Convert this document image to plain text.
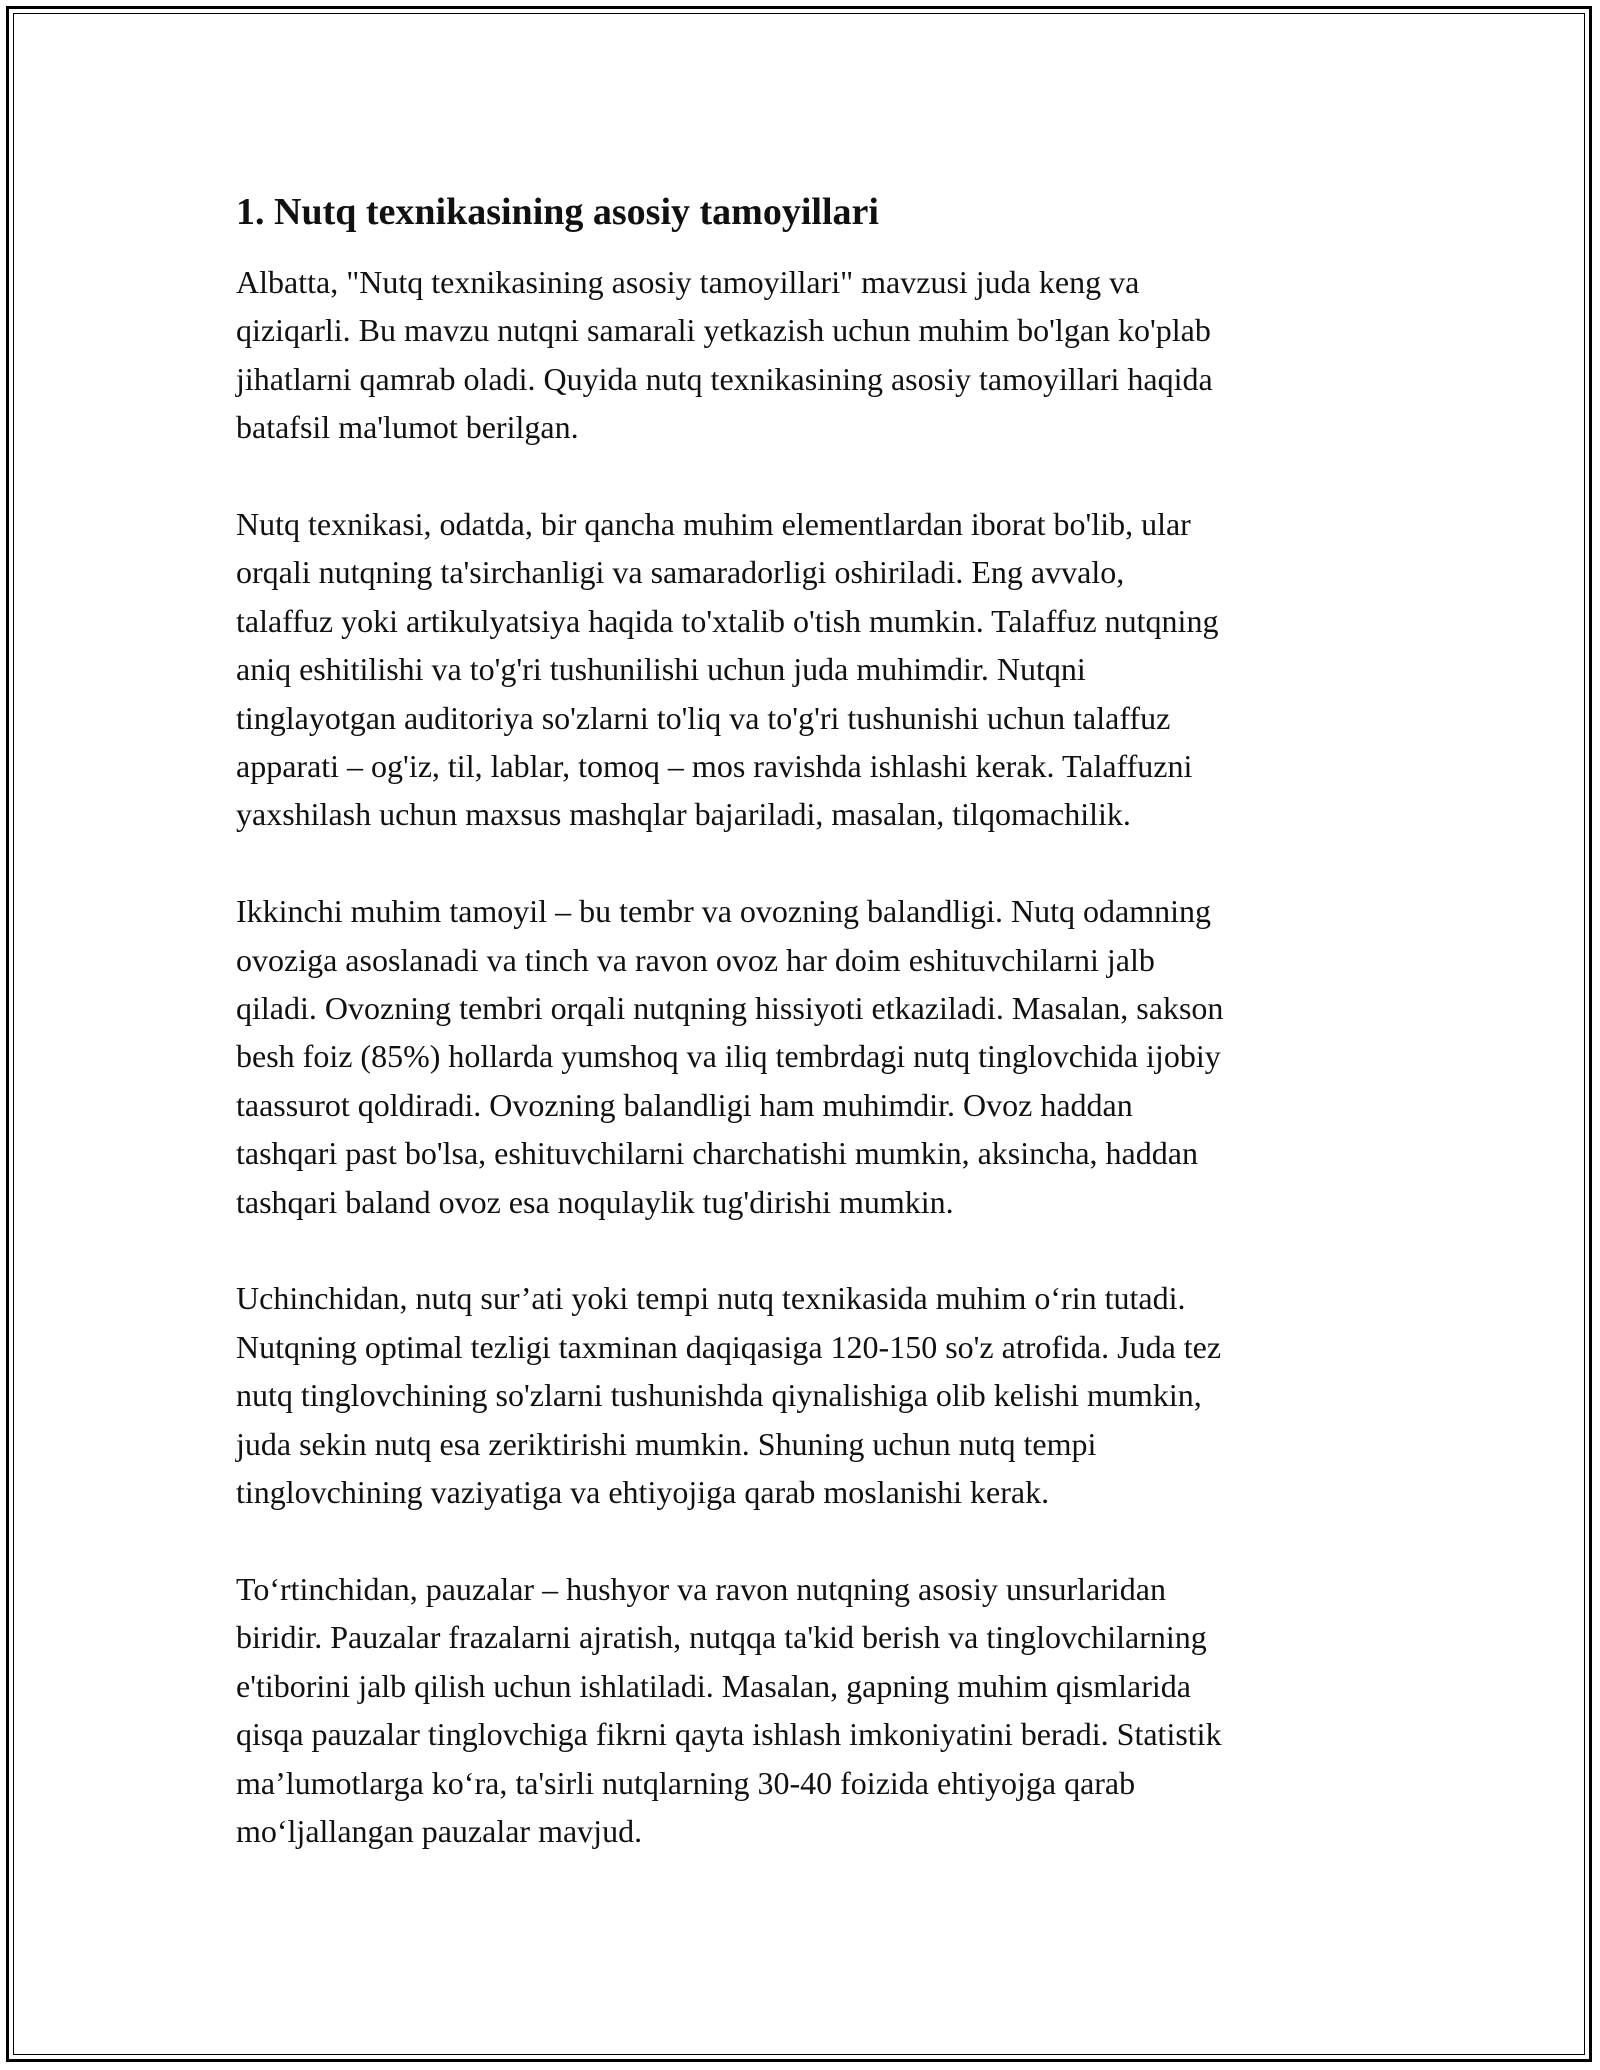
1. Nutq texnikasining asosiy tamoyillari

Albatta, "Nutq texnikasining asosiy tamoyillari" mavzusi juda keng va
qiziqarli. Bu mavzu nutqni samarali yetkazish uchun muhim bo'lgan ko'plab
jihatlarni qamrab oladi. Quyida nutq texnikasining asosiy tamoyillari haqida
batafsil ma'lumot berilgan.

Nutq texnikasi, odatda, bir qancha muhim elementlardan iborat bo'lib, ular
orqali nutqning ta'sirchanligi va samaradorligi oshiriladi. Eng avvalo,
talaffuz yoki artikulyatsiya haqida to'xtalib o'tish mumkin. Talaffuz nutqning
aniq eshitilishi va to'g'ri tushunilishi uchun juda muhimdir. Nutqni
tinglayotgan auditoriya so'zlarni to'liq va to'g'ri tushunishi uchun talaffuz
apparati – og'iz, til, lablar, tomoq – mos ravishda ishlashi kerak. Talaffuzni
yaxshilash uchun maxsus mashqlar bajariladi, masalan, tilqomachilik.

Ikkinchi muhim tamoyil – bu tembr va ovozning balandligi. Nutq odamning
ovoziga asoslanadi va tinch va ravon ovoz har doim eshituvchilarni jalb
qiladi. Ovozning tembri orqali nutqning hissiyoti etkaziladi. Masalan, sakson
besh foiz (85%) hollarda yumshoq va iliq tembrdagi nutq tinglovchida ijobiy
taassurot qoldiradi. Ovozning balandligi ham muhimdir. Ovoz haddan
tashqari past bo'lsa, eshituvchilarni charchatishi mumkin, aksincha, haddan
tashqari baland ovoz esa noqulaylik tug'dirishi mumkin.

Uchinchidan, nutq sur’ati yoki tempi nutq texnikasida muhim o‘rin tutadi.
Nutqning optimal tezligi taxminan daqiqasiga 120-150 so'z atrofida. Juda tez
nutq tinglovchining so'zlarni tushunishda qiynalishiga olib kelishi mumkin,
juda sekin nutq esa zeriktirishi mumkin. Shuning uchun nutq tempi
tinglovchining vaziyatiga va ehtiyojiga qarab moslanishi kerak.

To‘rtinchidan, pauzalar – hushyor va ravon nutqning asosiy unsurlaridan
biridir. Pauzalar frazalarni ajratish, nutqqa ta'kid berish va tinglovchilarning
e'tiborini jalb qilish uchun ishlatiladi. Masalan, gapning muhim qismlarida
qisqa pauzalar tinglovchiga fikrni qayta ishlash imkoniyatini beradi. Statistik
ma’lumotlarga ko‘ra, ta'sirli nutqlarning 30-40 foizida ehtiyojga qarab
mo‘ljallangan pauzalar mavjud.
